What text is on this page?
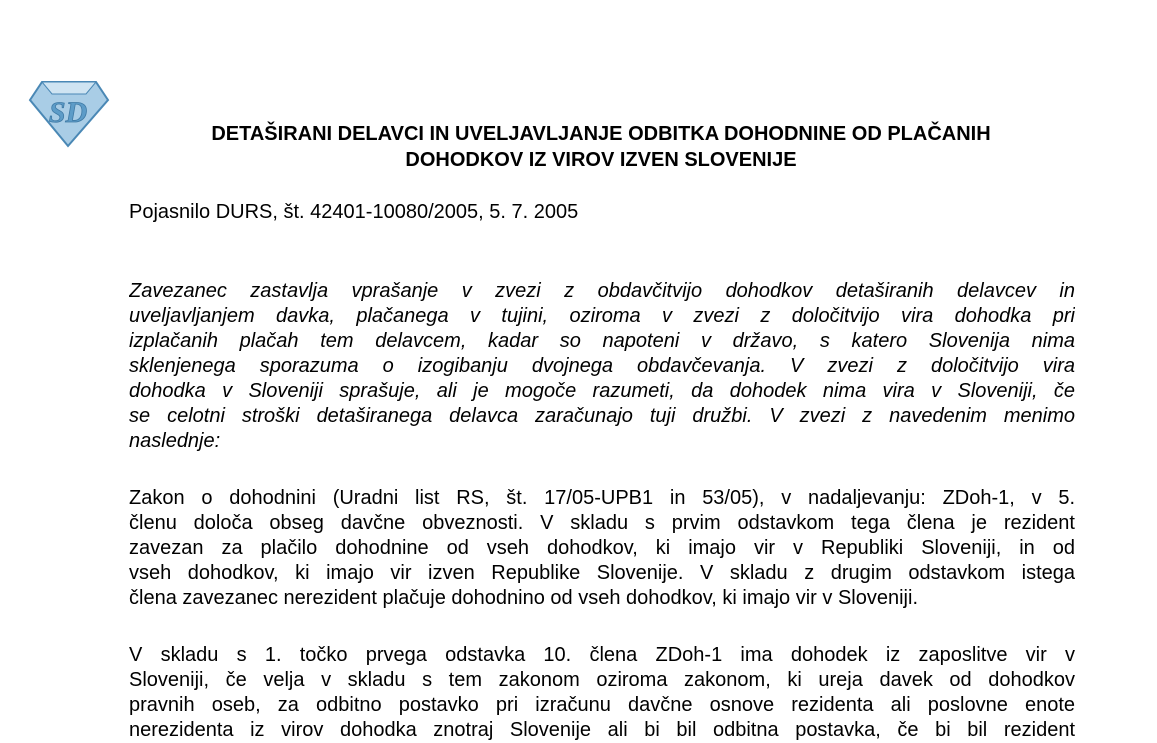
SD
DETAŠIRANI DELAVCI IN UVELJAVLJANJE ODBITKA DOHODNINE OD PLAČANIH
DOHODKOV IZ VIROV IZVEN SLOVENIJE

Pojasnilo DURS, št. 42401-10080/2005, 5. 7. 2005

Zavezanec zastavlja vprašanje v zvezi z obdavčitvijo dohodkov detaširanih delavcev in
uveljavljanjem davka, plačanega v tujini, oziroma v zvezi z določitvijo vira dohodka pri
izplačanih plačah tem delavcem, kadar so napoteni v državo, s katero Slovenija nima
sklenjenega sporazuma o izogibanju dvojnega obdavčevanja. V zvezi z določitvijo vira
dohodka v Sloveniji sprašuje, ali je mogoče razumeti, da dohodek nima vira v Sloveniji, če
se celotni stroški detaširanega delavca zaračunajo tuji družbi. V zvezi z navedenim menimo
naslednje:
Zakon o dohodnini (Uradni list RS, št. 17/05-UPB1 in 53/05), v nadaljevanju: ZDoh-1, v 5.
členu določa obseg davčne obveznosti. V skladu s prvim odstavkom tega člena je rezident
zavezan za plačilo dohodnine od vseh dohodkov, ki imajo vir v Republiki Sloveniji, in od
vseh dohodkov, ki imajo vir izven Republike Slovenije. V skladu z drugim odstavkom istega
člena zavezanec nerezident plačuje dohodnino od vseh dohodkov, ki imajo vir v Sloveniji.
V skladu s 1. točko prvega odstavka 10. člena ZDoh-1 ima dohodek iz zaposlitve vir v
Sloveniji, če velja v skladu s tem zakonom oziroma zakonom, ki ureja davek od dohodkov
pravnih oseb, za odbitno postavko pri izračunu davčne osnove rezidenta ali poslovne enote
nerezidenta iz virov dohodka znotraj Slovenije ali bi bil odbitna postavka, če bi bil rezident
